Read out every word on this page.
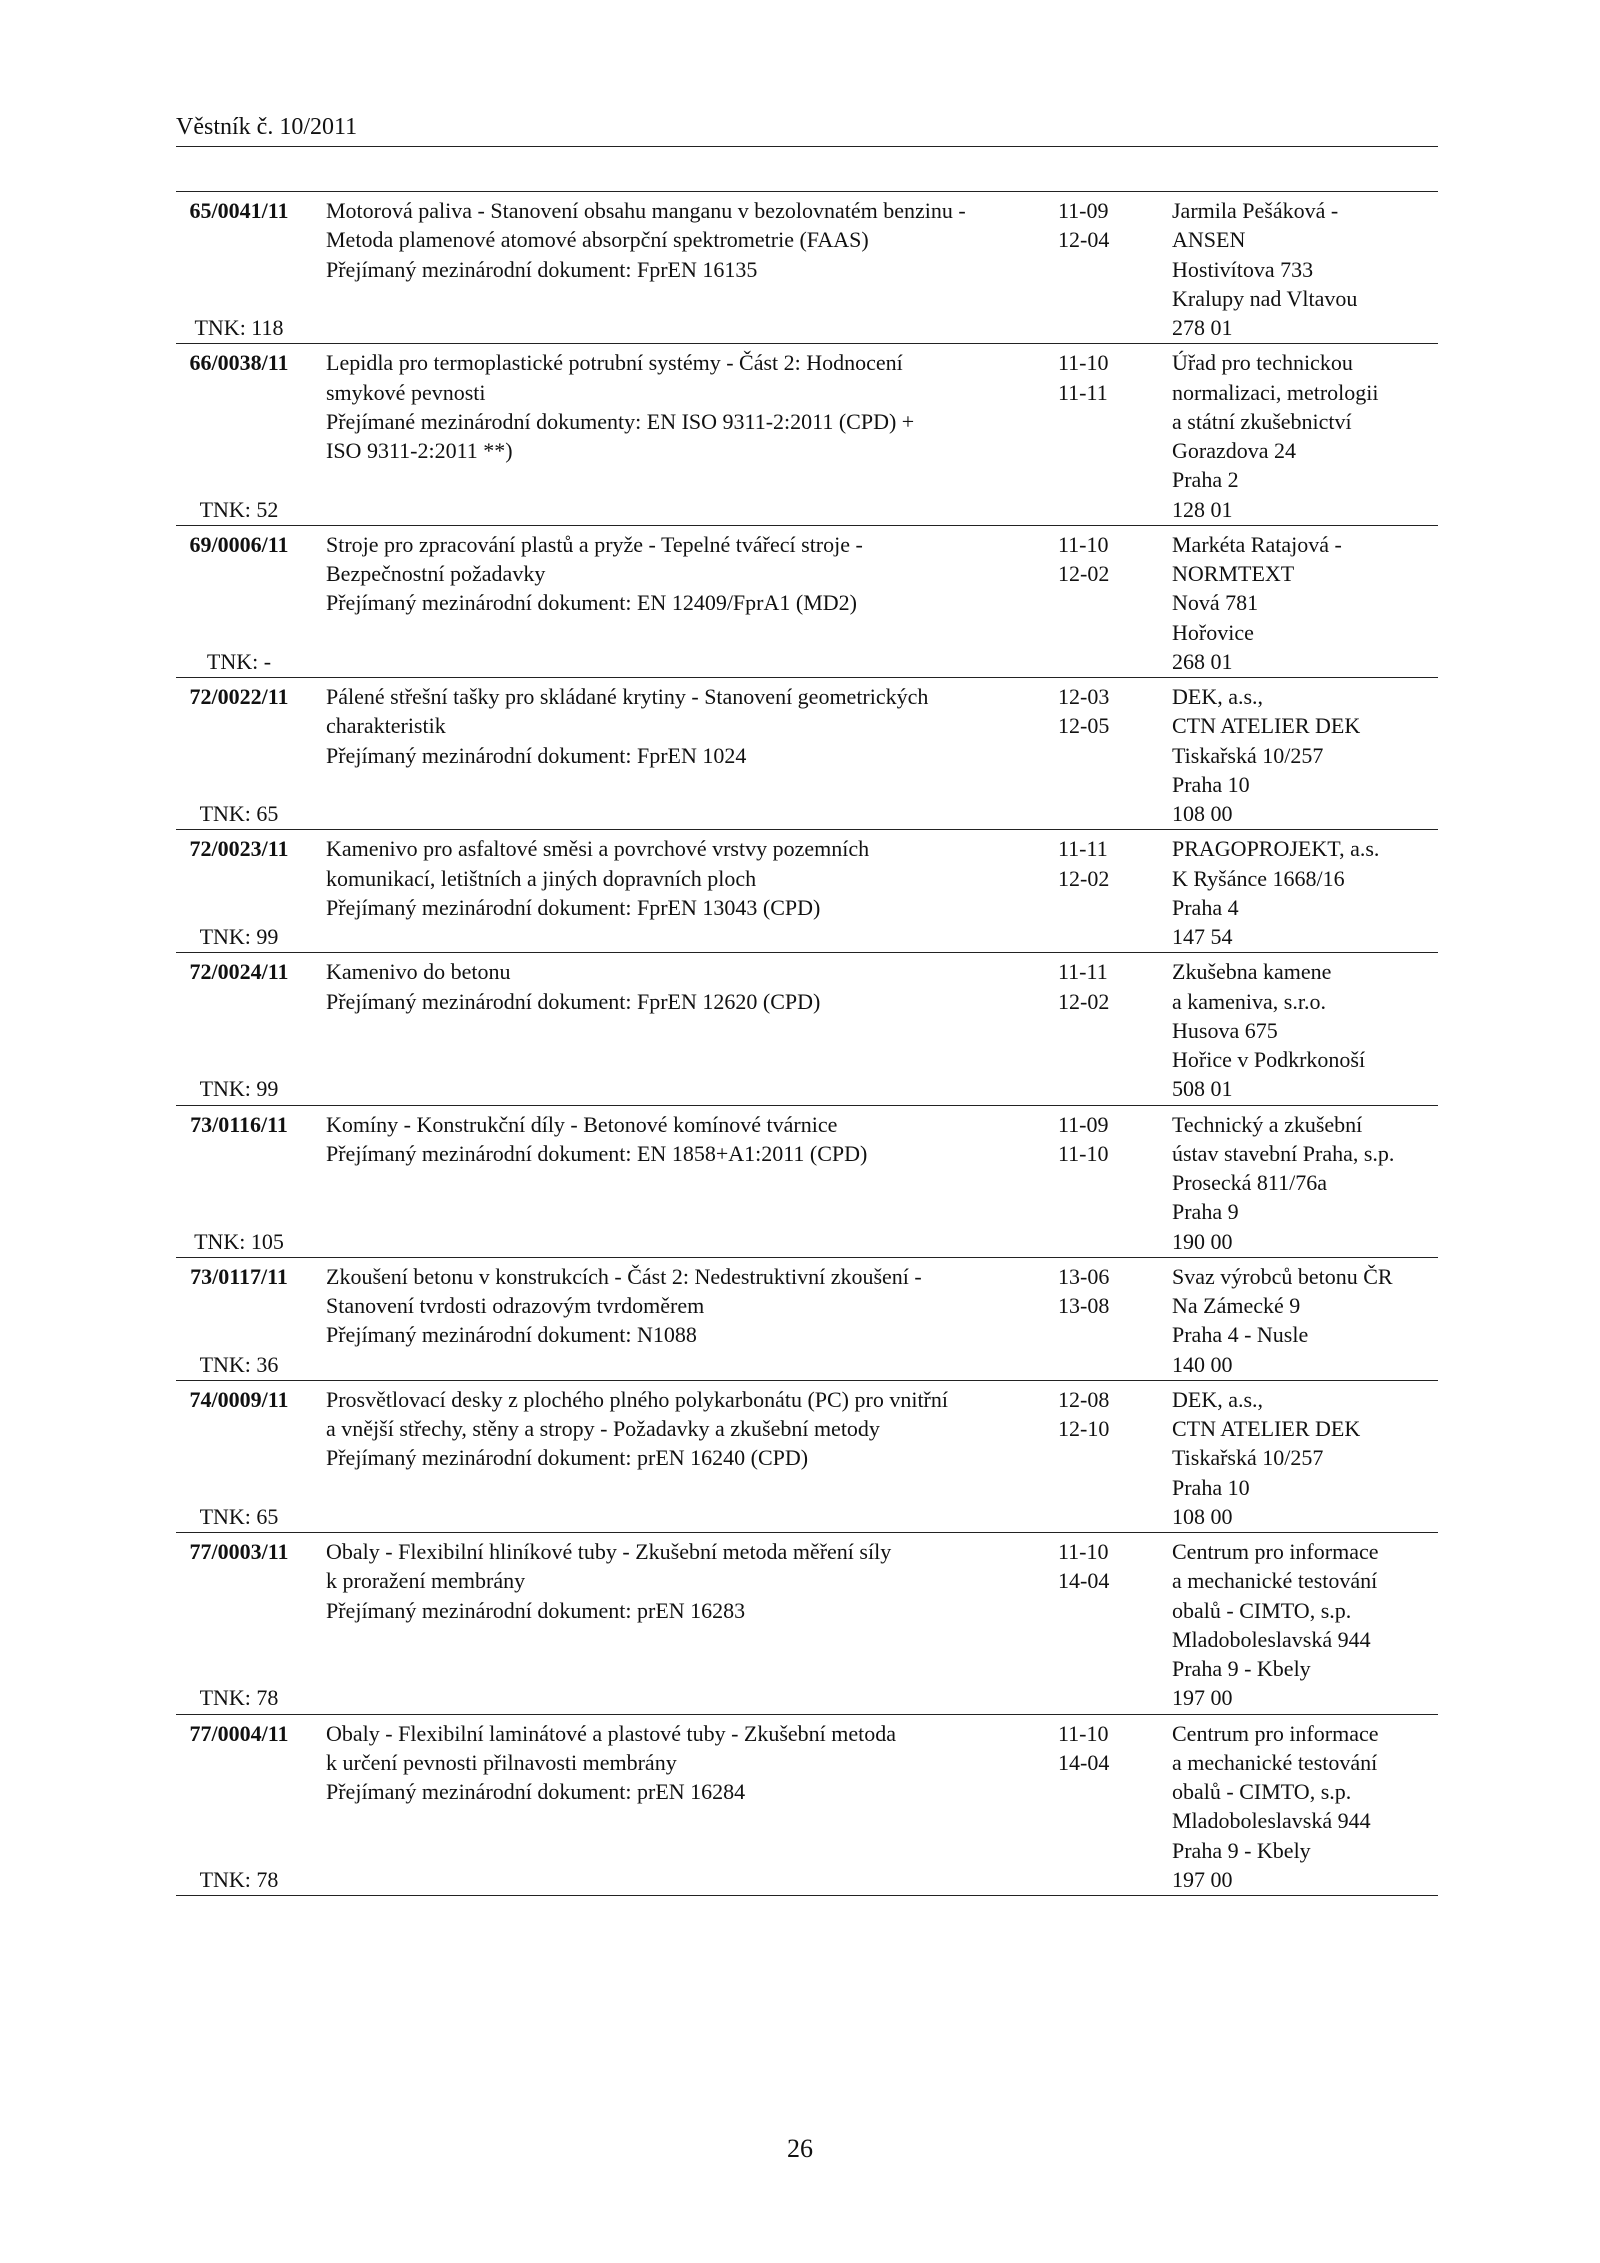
Věstník č. 10/2011
65/0041/11
TNK: 118
Motorová paliva - Stanovení obsahu manganu v bezolovnatém benzinu -
Metoda plamenové atomové absorpční spektrometrie (FAAS)
Přejímaný mezinárodní dokument: FprEN 16135
11-09
12-04
Jarmila Pešáková -
ANSEN
Hostivítova 733
Kralupy nad Vltavou
278 01
66/0038/11
TNK: 52
Lepidla pro termoplastické potrubní systémy - Část 2: Hodnocení
smykové pevnosti
Přejímané mezinárodní dokumenty: EN ISO 9311-2:2011 (CPD) +
ISO 9311-2:2011 **)
11-10
11-11
Úřad pro technickou
normalizaci, metrologii
a státní zkušebnictví
Gorazdova 24
Praha 2
128 01
69/0006/11
TNK: -
Stroje pro zpracování plastů a pryže - Tepelné tvářecí stroje -
Bezpečnostní požadavky
Přejímaný mezinárodní dokument: EN 12409/FprA1 (MD2)
11-10
12-02
Markéta Ratajová -
NORMTEXT
Nová 781
Hořovice
268 01
72/0022/11
TNK: 65
Pálené střešní tašky pro skládané krytiny - Stanovení geometrických
charakteristik
Přejímaný mezinárodní dokument: FprEN 1024
12-03
12-05
DEK, a.s.,
CTN ATELIER DEK
Tiskařská 10/257
Praha 10
108 00
72/0023/11
TNK: 99
Kamenivo pro asfaltové směsi a povrchové vrstvy pozemních
komunikací, letištních a jiných dopravních ploch
Přejímaný mezinárodní dokument: FprEN 13043 (CPD)
11-11
12-02
PRAGOPROJEKT, a.s.
K Ryšánce 1668/16
Praha 4
147 54
72/0024/11
TNK: 99
Kamenivo do betonu
Přejímaný mezinárodní dokument: FprEN 12620 (CPD)
11-11
12-02
Zkušebna kamene
a kameniva, s.r.o.
Husova 675
Hořice v Podkrkonoší
508 01
73/0116/11
TNK: 105
Komíny - Konstrukční díly - Betonové komínové tvárnice
Přejímaný mezinárodní dokument: EN 1858+A1:2011 (CPD)
11-09
11-10
Technický a zkušební
ústav stavební Praha, s.p.
Prosecká 811/76a
Praha 9
190 00
73/0117/11
TNK: 36
Zkoušení betonu v konstrukcích - Část 2: Nedestruktivní zkoušení -
Stanovení tvrdosti odrazovým tvrdoměrem
Přejímaný mezinárodní dokument: N1088
13-06
13-08
Svaz výrobců betonu ČR
Na Zámecké 9
Praha 4 - Nusle
140 00
74/0009/11
TNK: 65
Prosvětlovací desky z plochého plného polykarbonátu (PC) pro vnitřní
a vnější střechy, stěny a stropy - Požadavky a zkušební metody
Přejímaný mezinárodní dokument: prEN 16240 (CPD)
12-08
12-10
DEK, a.s.,
CTN ATELIER DEK
Tiskařská 10/257
Praha 10
108 00
77/0003/11
TNK: 78
Obaly - Flexibilní hliníkové tuby - Zkušební metoda měření síly
k proražení membrány
Přejímaný mezinárodní dokument: prEN 16283
11-10
14-04
Centrum pro informace
a mechanické testování
obalů - CIMTO, s.p.
Mladoboleslavská 944
Praha 9 - Kbely
197 00
77/0004/11
TNK: 78
Obaly - Flexibilní laminátové a plastové tuby - Zkušební metoda
k určení pevnosti přilnavosti membrány
Přejímaný mezinárodní dokument: prEN 16284
11-10
14-04
Centrum pro informace
a mechanické testování
obalů - CIMTO, s.p.
Mladoboleslavská 944
Praha 9 - Kbely
197 00
26
